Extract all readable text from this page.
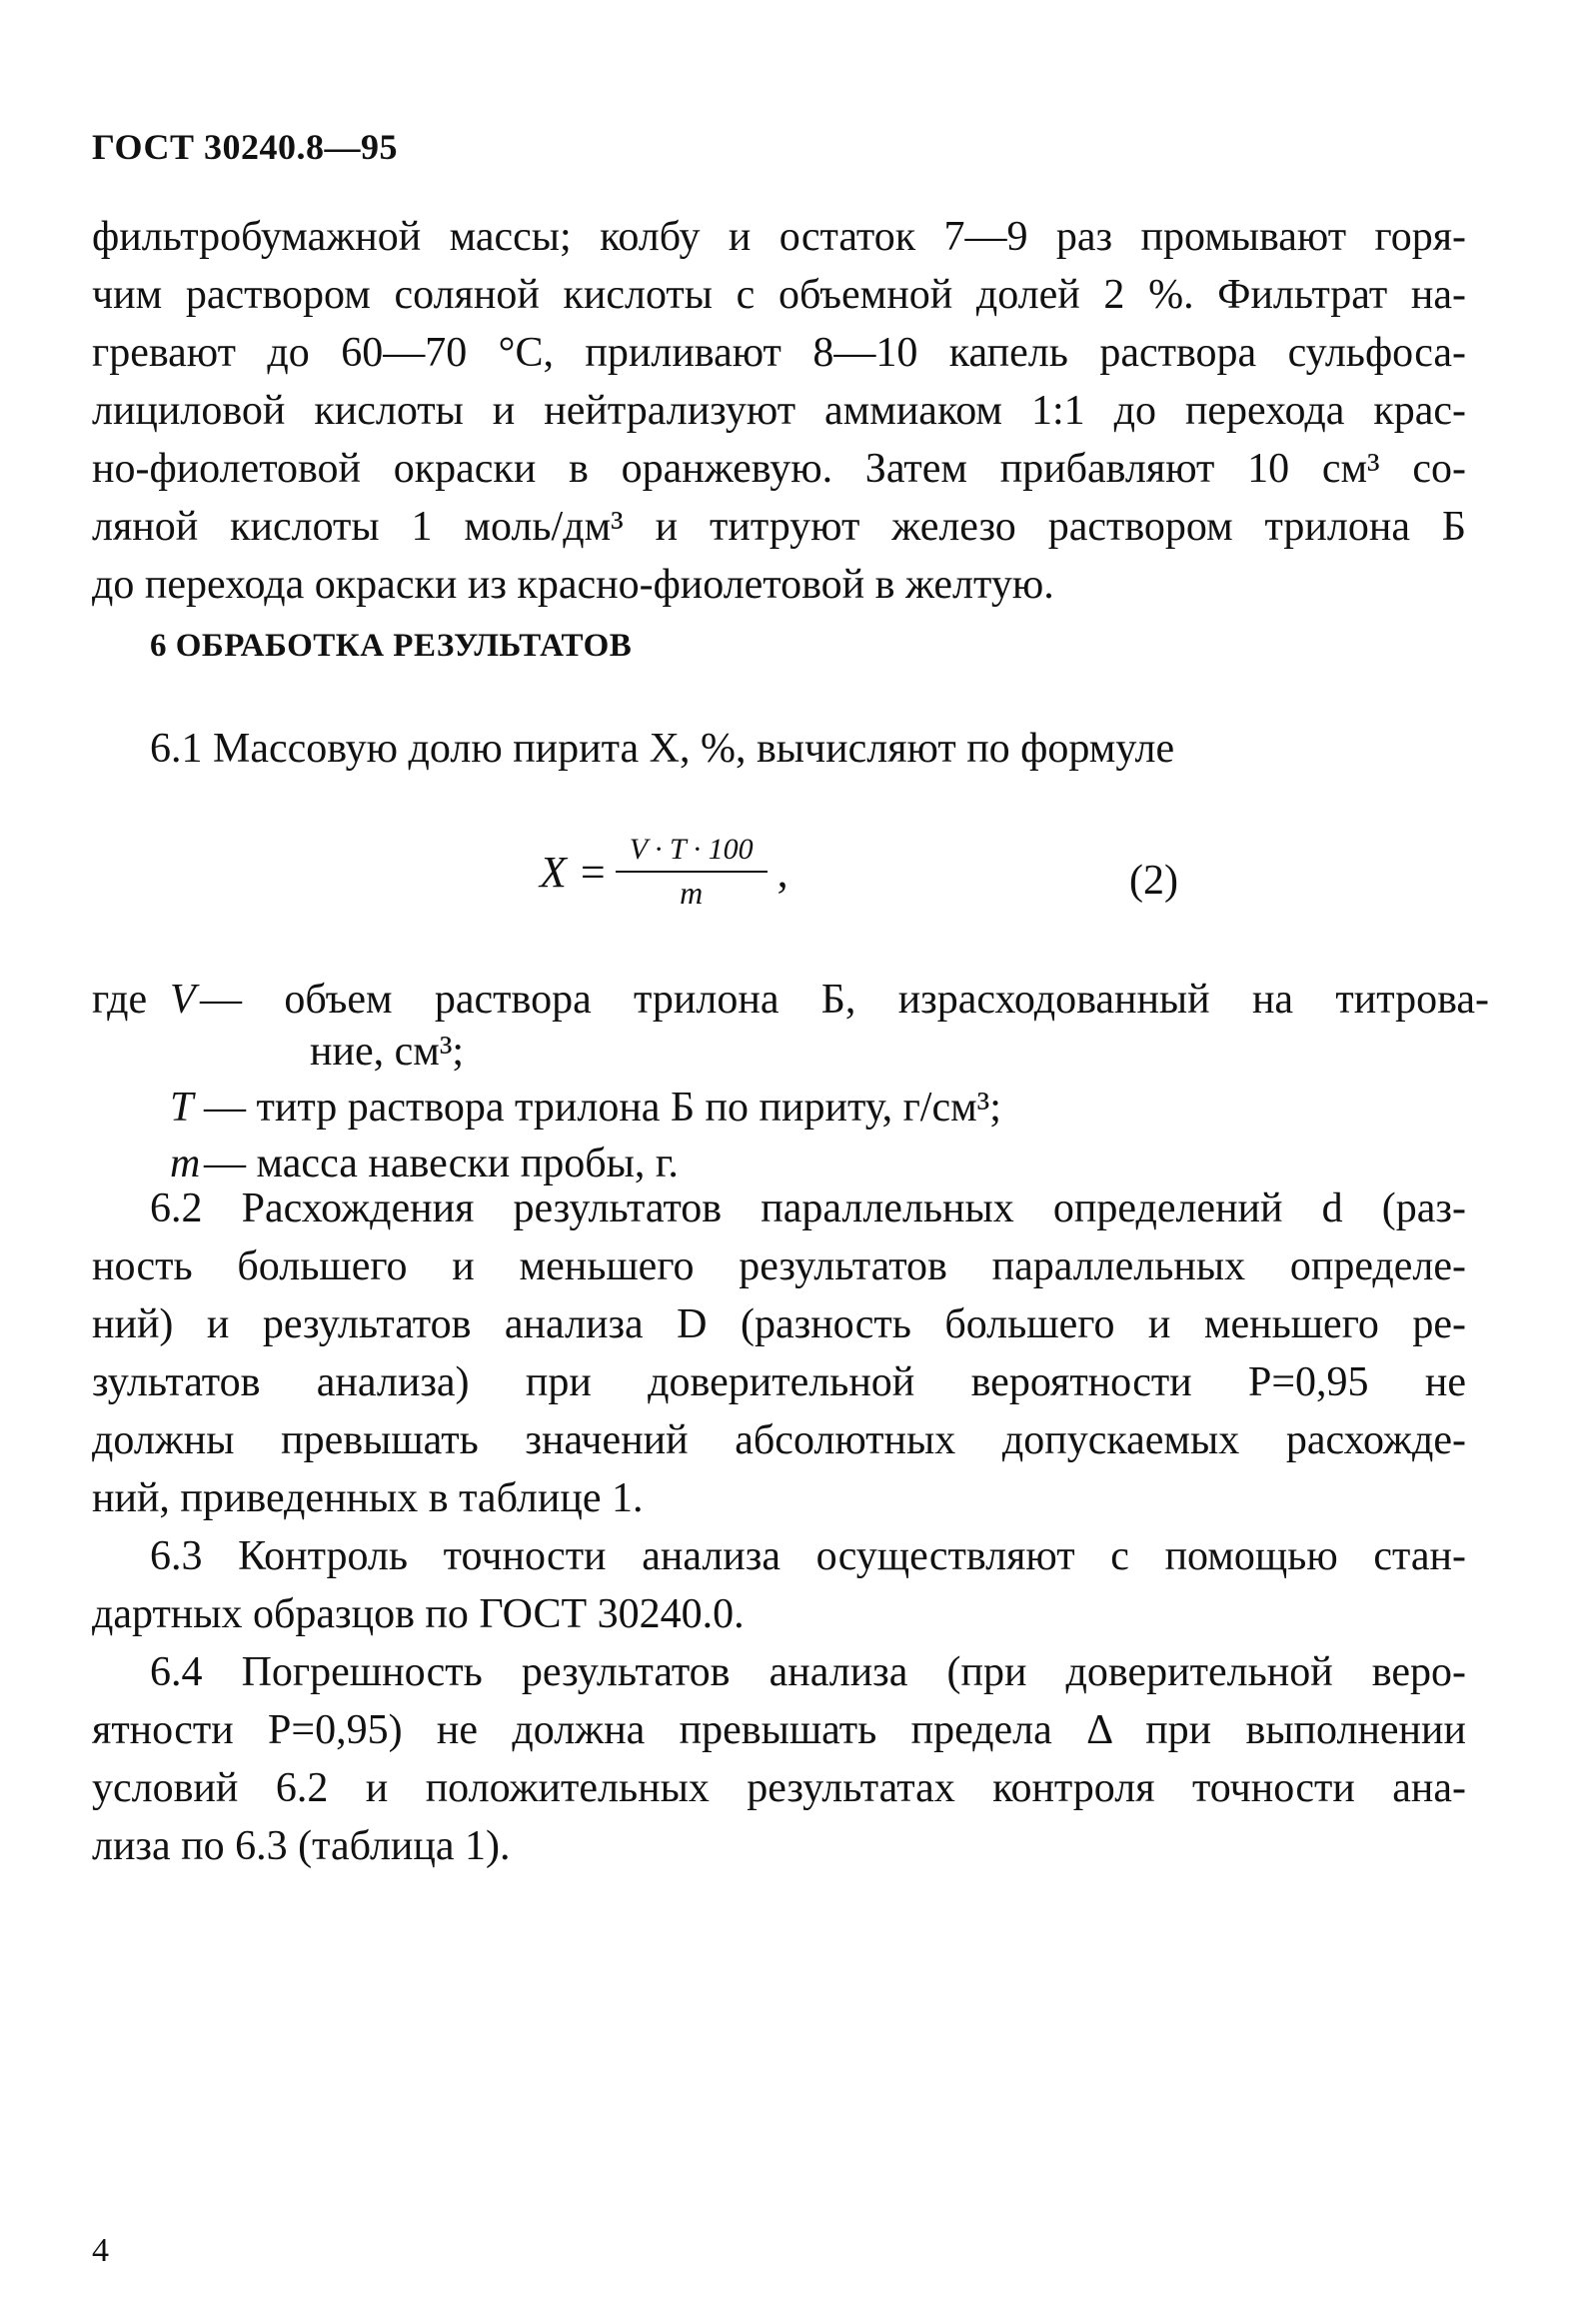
ГОСТ 30240.8—95
фильтробумажной массы; колбу и остаток 7—9 раз промывают горя-
чим раствором соляной кислоты с объемной долей 2 %. Фильтрат на-
гревают до 60—70 °С, приливают 8—10 капель раствора сульфоса-
лициловой кислоты и нейтрализуют аммиаком 1:1 до перехода крас-
но-фиолетовой окраски в оранжевую. Затем прибавляют 10 см³ со-
ляной кислоты 1 моль/дм³ и титруют железо раствором трилона Б
до перехода окраски из красно-фиолетовой в желтую.
6 ОБРАБОТКА РЕЗУЛЬТАТОВ
6.1 Массовую долю пирита X, %, вычисляют по формуле
$X = \frac{V \cdot T \cdot 100}{m}$ ,	(2)
где V — объем раствора трилона Б, израсходованный на титрова-
ние, см³;
T — титр раствора трилона Б по пириту, г/см³;
m — масса навески пробы, г.
6.2 Расхождения результатов параллельных определений d (раз-
ность большего и меньшего результатов параллельных определе-
ний) и результатов анализа D (разность большего и меньшего ре-
зультатов анализа) при доверительной вероятности P=0,95 не
должны превышать значений абсолютных допускаемых расхожде-
ний, приведенных в таблице 1.
6.3 Контроль точности анализа осуществляют с помощью стан-
дартных образцов по ГОСТ 30240.0.
6.4 Погрешность результатов анализа (при доверительной веро-
ятности P=0,95) не должна превышать предела Δ при выполнении
условий 6.2 и положительных результатах контроля точности ана-
лиза по 6.3 (таблица 1).
4
